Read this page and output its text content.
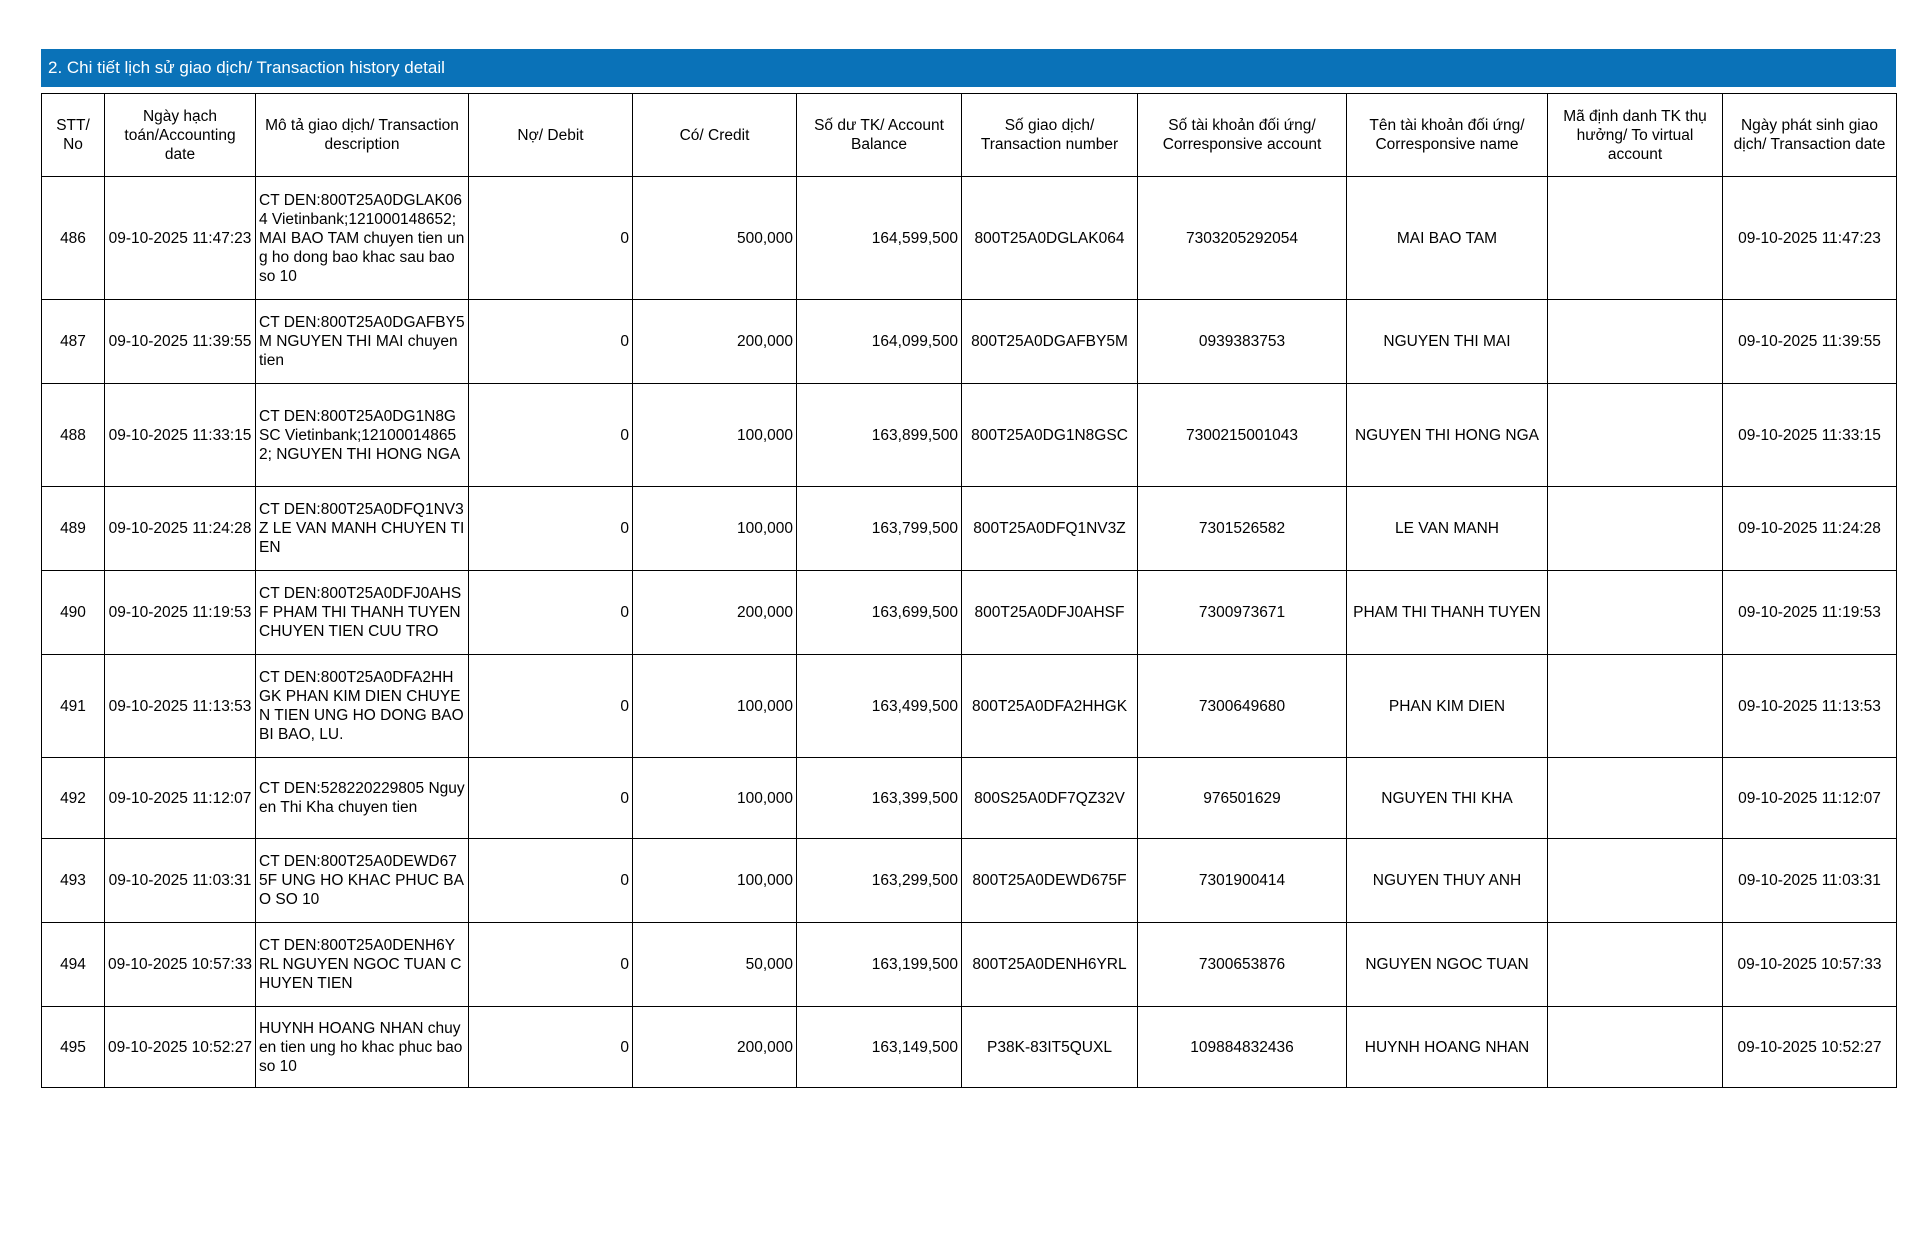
2. Chi tiết lịch sử giao dịch/ Transaction history detail
STT/ No	Ngày hạch toán/Accounting date	Mô tả giao dịch/ Transaction description	Nợ/ Debit	Có/ Credit	Số dư TK/ Account Balance	Số giao dịch/ Transaction number	Số tài khoản đối ứng/ Corresponsive account	Tên tài khoản đối ứng/ Corresponsive name	Mã định danh TK thụ hưởng/ To virtual account	Ngày phát sinh giao dịch/ Transaction date
486	09-10-2025 11:47:23	CT DEN:800T25A0DGLAK064 Vietinbank;121000148652; MAI BAO TAM chuyen tien ung ho dong bao khac sau bao so 10	0	500,000	164,599,500	800T25A0DGLAK064	7303205292054	MAI BAO TAM		09-10-2025 11:47:23
487	09-10-2025 11:39:55	CT DEN:800T25A0DGAFBY5M NGUYEN THI MAI chuyen tien	0	200,000	164,099,500	800T25A0DGAFBY5M	0939383753	NGUYEN THI MAI		09-10-2025 11:39:55
488	09-10-2025 11:33:15	CT DEN:800T25A0DG1N8GSC Vietinbank;121000148652; NGUYEN THI HONG NGA	0	100,000	163,899,500	800T25A0DG1N8GSC	7300215001043	NGUYEN THI HONG NGA		09-10-2025 11:33:15
489	09-10-2025 11:24:28	CT DEN:800T25A0DFQ1NV3Z LE VAN MANH CHUYEN TIEN	0	100,000	163,799,500	800T25A0DFQ1NV3Z	7301526582	LE VAN MANH		09-10-2025 11:24:28
490	09-10-2025 11:19:53	CT DEN:800T25A0DFJ0AHSF PHAM THI THANH TUYEN CHUYEN TIEN CUU TRO	0	200,000	163,699,500	800T25A0DFJ0AHSF	7300973671	PHAM THI THANH TUYEN		09-10-2025 11:19:53
491	09-10-2025 11:13:53	CT DEN:800T25A0DFA2HHGK PHAN KIM DIEN CHUYEN TIEN UNG HO DONG BAO BI BAO, LU.	0	100,000	163,499,500	800T25A0DFA2HHGK	7300649680	PHAN KIM DIEN		09-10-2025 11:13:53
492	09-10-2025 11:12:07	CT DEN:528220229805 Nguyen Thi Kha chuyen tien	0	100,000	163,399,500	800S25A0DF7QZ32V	976501629	NGUYEN THI KHA		09-10-2025 11:12:07
493	09-10-2025 11:03:31	CT DEN:800T25A0DEWD675F UNG HO KHAC PHUC BAO SO 10	0	100,000	163,299,500	800T25A0DEWD675F	7301900414	NGUYEN THUY ANH		09-10-2025 11:03:31
494	09-10-2025 10:57:33	CT DEN:800T25A0DENH6YRL NGUYEN NGOC TUAN CHUYEN TIEN	0	50,000	163,199,500	800T25A0DENH6YRL	7300653876	NGUYEN NGOC TUAN		09-10-2025 10:57:33
495	09-10-2025 10:52:27	HUYNH HOANG NHAN chuyen tien ung ho khac phuc bao so 10	0	200,000	163,149,500	P38K-83IT5QUXL	109884832436	HUYNH HOANG NHAN		09-10-2025 10:52:27
